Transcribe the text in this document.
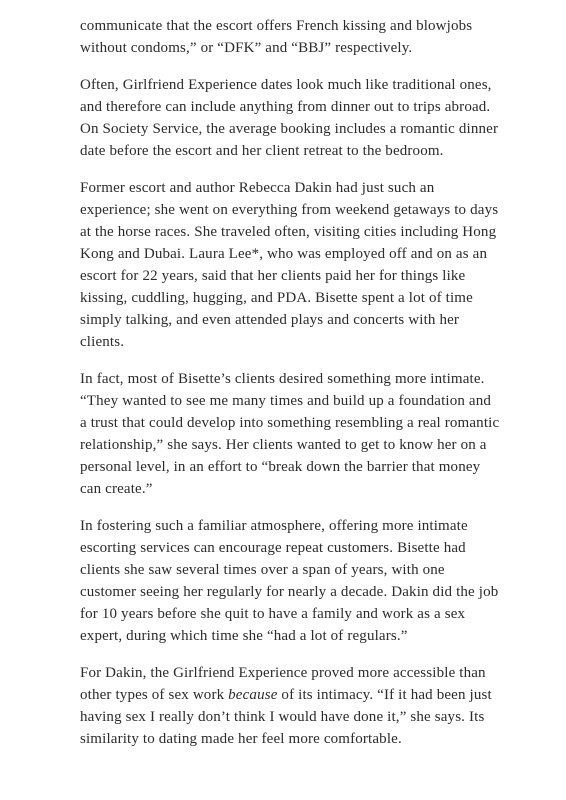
communicate that the escort offers French kissing and blowjobs without condoms,” or “DFK” and “BBJ” respectively.

Often, Girlfriend Experience dates look much like traditional ones, and therefore can include anything from dinner out to trips abroad. On Society Service, the average booking includes a romantic dinner date before the escort and her client retreat to the bedroom.

Former escort and author Rebecca Dakin had just such an experience; she went on everything from weekend getaways to days at the horse races. She traveled often, visiting cities including Hong Kong and Dubai. Laura Lee*, who was employed off and on as an escort for 22 years, said that her clients paid her for things like kissing, cuddling, hugging, and PDA. Bisette spent a lot of time simply talking, and even attended plays and concerts with her clients.

In fact, most of Bisette’s clients desired something more intimate. “They wanted to see me many times and build up a foundation and a trust that could develop into something resembling a real romantic relationship,” she says. Her clients wanted to get to know her on a personal level, in an effort to “break down the barrier that money can create.”

In fostering such a familiar atmosphere, offering more intimate escorting services can encourage repeat customers. Bisette had clients she saw several times over a span of years, with one customer seeing her regularly for nearly a decade. Dakin did the job for 10 years before she quit to have a family and work as a sex expert, during which time she “had a lot of regulars.”

For Dakin, the Girlfriend Experience proved more accessible than other types of sex work because of its intimacy. “If it had been just having sex I really don’t think I would have done it,” she says. Its similarity to dating made her feel more comfortable.
